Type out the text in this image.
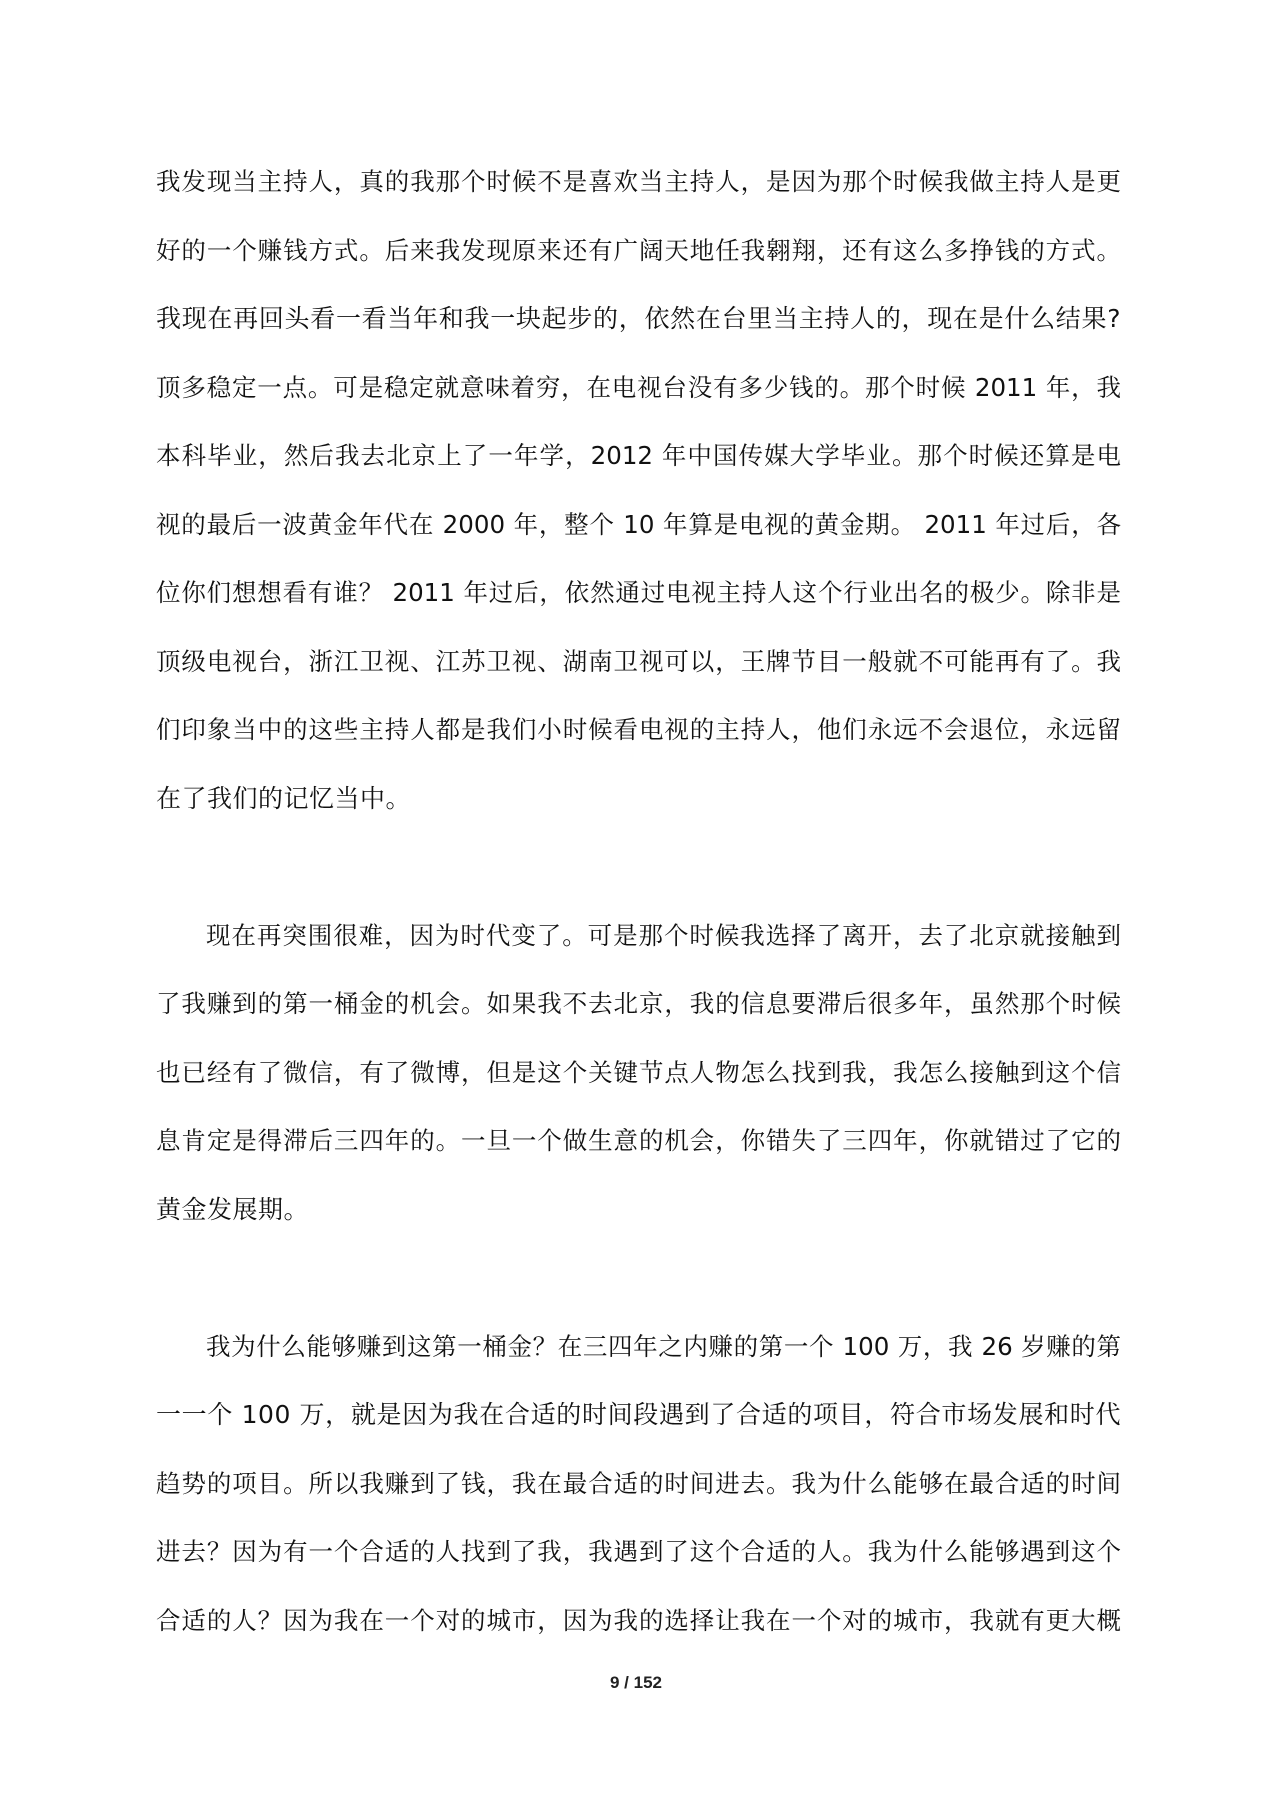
我发现当主持人，真的我那个时候不是喜欢当主持人，是因为那个时候我做主持人是更
好的一个赚钱方式。后来我发现原来还有广阔天地任我翱翔，还有这么多挣钱的方式。
我现在再回头看一看当年和我一块起步的，依然在台里当主持人的，现在是什么结果?
顶多稳定一点。可是稳定就意味着穷，在电视台没有多少钱的。那个时候 2011 年，我
本科毕业，然后我去北京上了一年学，2012 年中国传媒大学毕业。那个时候还算是电
视的最后一波黄金年代在 2000 年，整个 10 年算是电视的黄金期。 2011 年过后，各
位你们想想看有谁？ 2011 年过后，依然通过电视主持人这个行业出名的极少。除非是
顶级电视台，浙江卫视、江苏卫视、湖南卫视可以，王牌节目一般就不可能再有了。我
们印象当中的这些主持人都是我们小时候看电视的主持人，他们永远不会退位，永远留
在了我们的记忆当中。
现在再突围很难，因为时代变了。可是那个时候我选择了离开，去了北京就接触到
了我赚到的第一桶金的机会。如果我不去北京，我的信息要滞后很多年，虽然那个时候
也已经有了微信，有了微博，但是这个关键节点人物怎么找到我，我怎么接触到这个信
息肯定是得滞后三四年的。一旦一个做生意的机会，你错失了三四年，你就错过了它的
黄金发展期。
我为什么能够赚到这第一桶金？在三四年之内赚的第一个 100 万，我 26 岁赚的第
一一个 100 万，就是因为我在合适的时间段遇到了合适的项目，符合市场发展和时代
趋势的项目。所以我赚到了钱，我在最合适的时间进去。我为什么能够在最合适的时间
进去？因为有一个合适的人找到了我，我遇到了这个合适的人。我为什么能够遇到这个
合适的人？因为我在一个对的城市，因为我的选择让我在一个对的城市，我就有更大概
9 / 152
